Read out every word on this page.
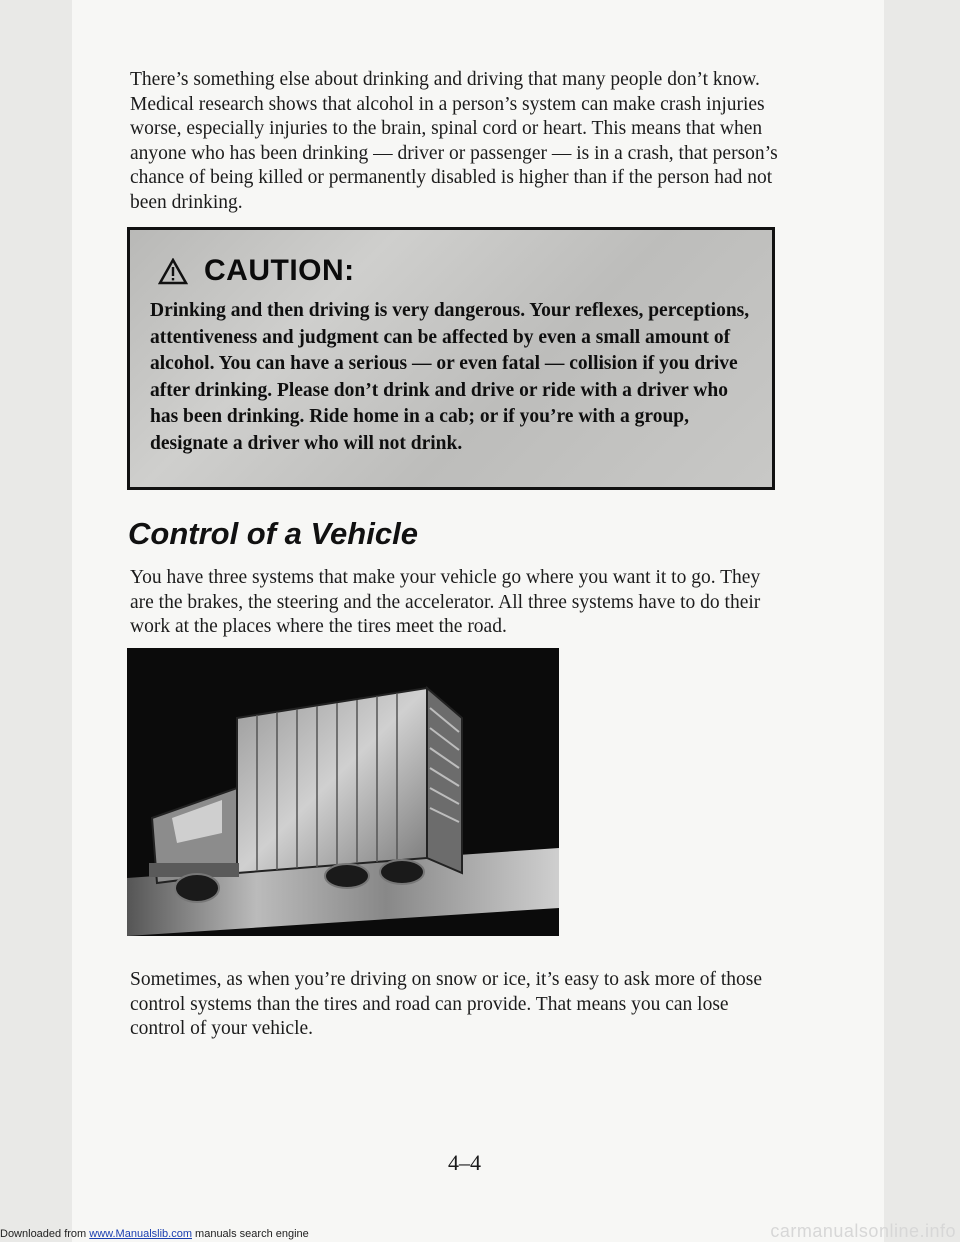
There’s something else about drinking and driving that many people don’t know. Medical research shows that alcohol in a person’s system can make crash injuries worse, especially injuries to the brain, spinal cord or heart. This means that when anyone who has been drinking — driver or passenger — is in a crash, that person’s chance of being killed or permanently disabled is higher than if the person had not been drinking.

CAUTION:

Drinking and then driving is very dangerous. Your reflexes, perceptions, attentiveness and judgment can be affected by even a small amount of alcohol. You can have a serious — or even fatal — collision if you drive after drinking. Please don’t drink and drive or ride with a driver who has been drinking. Ride home in a cab; or if you’re with a group, designate a driver who will not drink.

Control of a Vehicle

You have three systems that make your vehicle go where you want it to go. They are the brakes, the steering and the accelerator. All three systems have to do their work at the places where the tires meet the road.

Sometimes, as when you’re driving on snow or ice, it’s easy to ask more of those control systems than the tires and road can provide. That means you can lose control of your vehicle.

4–4
Downloaded from www.Manualslib.com manuals search engine	carmanualsonline.info
